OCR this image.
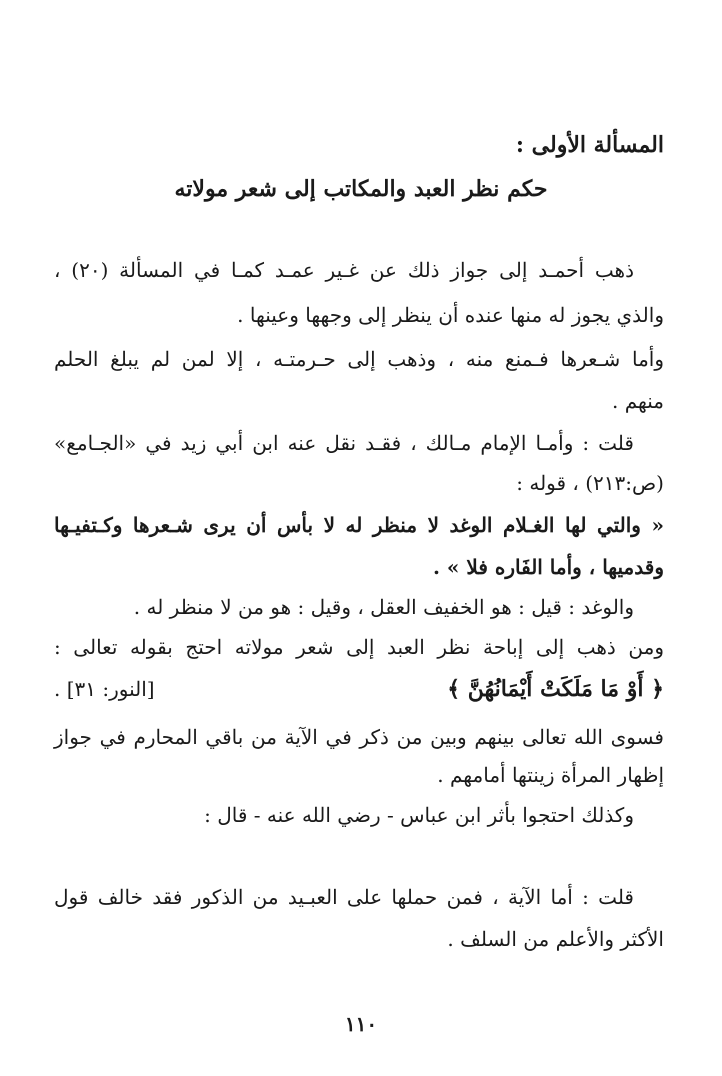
المسألة الأولى :
حكم نظر العبد والمكاتب إلى شعر مولاته
ذهب أحمـد إلى جواز ذلك عن غـير عمـد كمـا في المسألة (٢٠) ،
والذي يجوز له منها عنده أن ينظر إلى وجهها وعينها .
وأما شـعرها فـمنع منه ، وذهب إلى حـرمتـه ، إلا لمن لم يبلغ الحلم
منهم .
قلت : وأمـا الإمام مـالك ، فقـد نقل عنه ابن أبي زيد في «الجـامع»
(ص:٢١٣) ، قوله :
« والتي لها الغـلام الوغد لا منظر له لا بأس أن يرى شـعرها وكـتفيـها
وقدميها ، وأما الفَاره فلا » .
والوغد : قيل : هو الخفيف العقل ، وقيل : هو من لا منظر له .
ومن ذهب إلى إباحة نظر العبد إلى شعر مولاته احتج بقوله تعالى :
﴿ أَوْ مَا مَلَكَتْ أَيْمَانُهُنَّ ﴾
[النور: ٣١] .
فسوى الله تعالى بينهم وبين من ذكر في الآية من باقي المحارم في جواز
إظهار المرأة زينتها أمامهم .
وكذلك احتجوا بأثر ابن عباس - رضي الله عنه - قال :
قلت : أما الآية ، فمن حملها على العبـيد من الذكور فقد خالف قول
الأكثر والأعلم من السلف .
١١٠
